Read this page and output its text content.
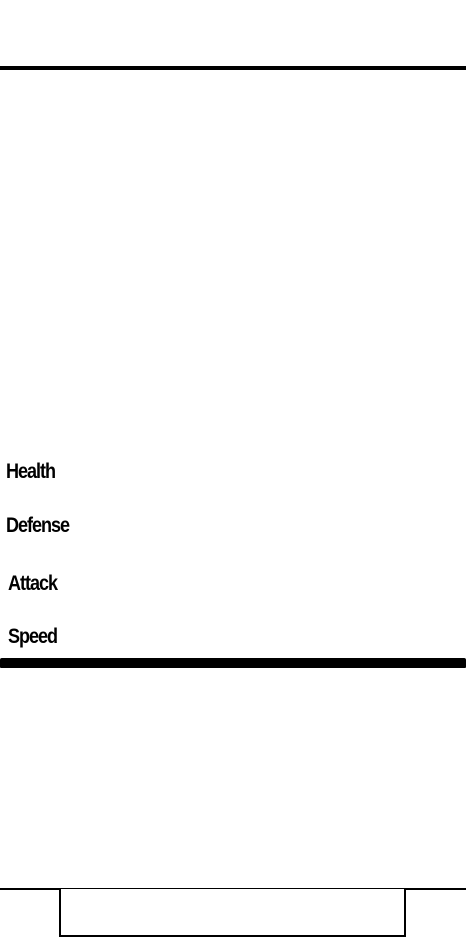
Health
Defense
Attack
Speed
